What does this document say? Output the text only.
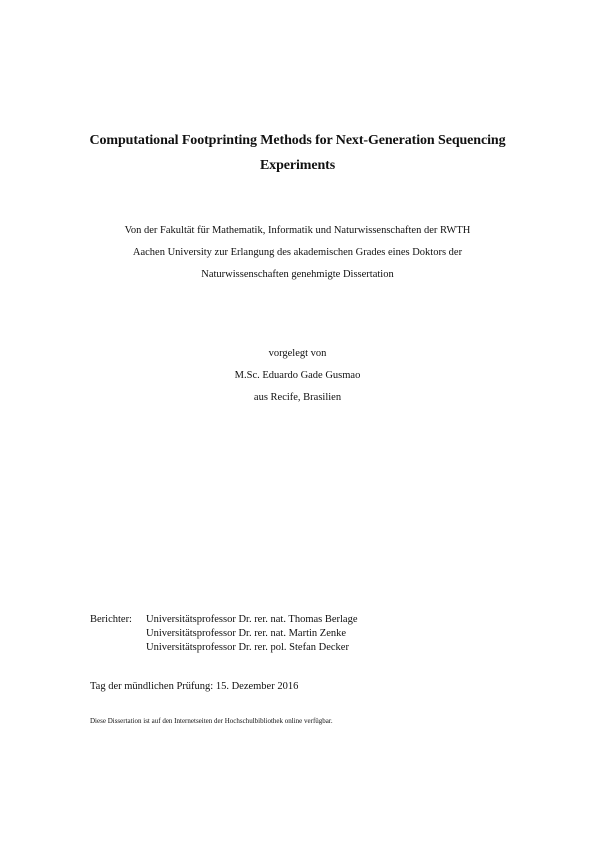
Computational Footprinting Methods for Next-Generation Sequencing
Experiments
Von der Fakultät für Mathematik, Informatik und Naturwissenschaften der RWTH
Aachen University zur Erlangung des akademischen Grades eines Doktors der
Naturwissenschaften genehmigte Dissertation
vorgelegt von
M.Sc. Eduardo Gade Gusmao
aus Recife, Brasilien
Berichter:	Universitätsprofessor Dr. rer. nat. Thomas Berlage
Universitätsprofessor Dr. rer. nat. Martin Zenke
Universitätsprofessor Dr. rer. pol. Stefan Decker
Tag der mündlichen Prüfung: 15. Dezember 2016
Diese Dissertation ist auf den Internetseiten der Hochschulbibliothek online verfügbar.
